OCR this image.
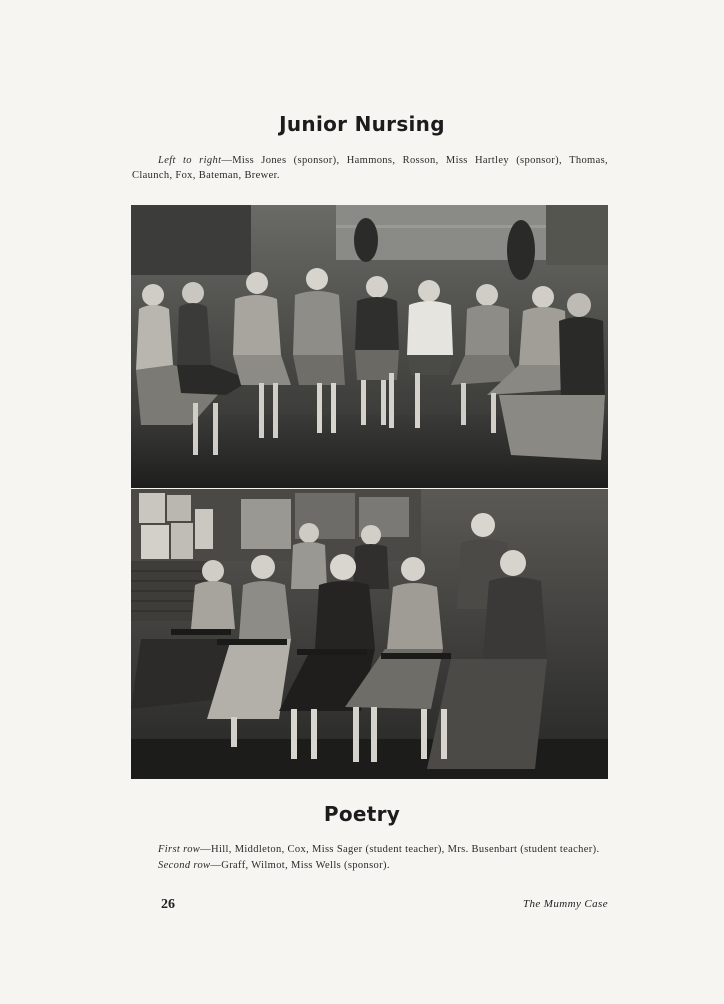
Junior Nursing
Left to right—Miss Jones (sponsor), Hammons, Rosson, Miss Hartley (sponsor), Thomas, Claunch, Fox, Bateman, Brewer.
Poetry
First row—Hill, Middleton, Cox, Miss Sager (student teacher), Mrs. Busenbart (student teacher).
Second row—Graff, Wilmot, Miss Wells (sponsor).
26	The Mummy Case
